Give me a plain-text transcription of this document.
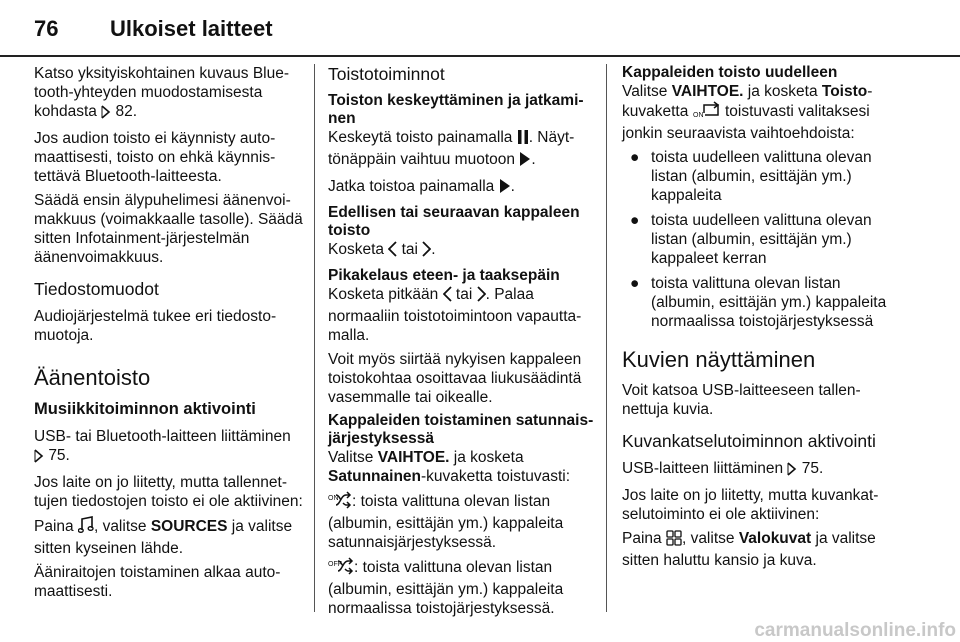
76	Ulkoiset laitteet

Katso yksityiskohtainen kuvaus Bluetooth-yhteyden muodostamisesta kohdasta  82.

Jos audion toisto ei käynnisty automaattisesti, toisto on ehkä käynnistettävä Bluetooth-laitteesta.

Säädä ensin älypuhelimesi äänenvoimakkuus (voimakkaalle tasolle). Säädä sitten Infotainment-järjestelmän äänenvoimakkuus.

Tiedostomuodot

Audiojärjestelmä tukee eri tiedostomuotoja.

Äänentoisto
Musiikkitoiminnon aktivointi

USB- tai Bluetooth-laitteen liittäminen  75.

Jos laite on jo liitetty, mutta tallennettujen tiedostojen toisto ei ole aktiivinen:

Paina , valitse SOURCES ja valitse sitten kyseinen lähde.

Ääniraitojen toistaminen alkaa automaattisesti.

Toistotoiminnot
Toiston keskeyttäminen ja jatkaminen

Keskeytä toisto painamalla . Näyttönäppäin vaihtuu muotoon .

Jatka toistoa painamalla .

Edellisen tai seuraavan kappaleen toisto

Kosketa  tai .

Pikakelaus eteen- ja taaksepäin

Kosketa pitkään  tai . Palaa normaaliin toistotoimintoon vapauttamalla.

Voit myös siirtää nykyisen kappaleen toistokohtaa osoittavaa liukusäädintä vasemmalle tai oikealle.

Kappaleiden toistaminen satunnaisjärjestyksessä

Valitse VAIHTOE. ja kosketa Satunnainen-kuvaketta toistuvasti:

ON : toista valittuna olevan listan (albumin, esittäjän ym.) kappaleita satunnaisjärjestyksessä.

OFF : toista valittuna olevan listan (albumin, esittäjän ym.) kappaleita normaalissa toistojärjestyksessä.

Kappaleiden toisto uudelleen

Valitse VAIHTOE. ja kosketa Toisto-kuvaketta ON toistuvasti valitaksesi jonkin seuraavista vaihtoehdoista:

● toista uudelleen valittuna olevan listan (albumin, esittäjän ym.) kappaleita
● toista uudelleen valittuna olevan listan (albumin, esittäjän ym.) kappaleet kerran
● toista valittuna olevan listan (albumin, esittäjän ym.) kappaleita normaalissa toistojärjestyksessä
Kuvien näyttäminen

Voit katsoa USB-laitteeseen tallennettuja kuvia.

Kuvankatselutoiminnon aktivointi

USB-laitteen liittäminen  75.

Jos laite on jo liitetty, mutta kuvankatselutoiminto ei ole aktiivinen:

Paina , valitse Valokuvat ja valitse sitten haluttu kansio ja kuva.

carmanualsonline.info
